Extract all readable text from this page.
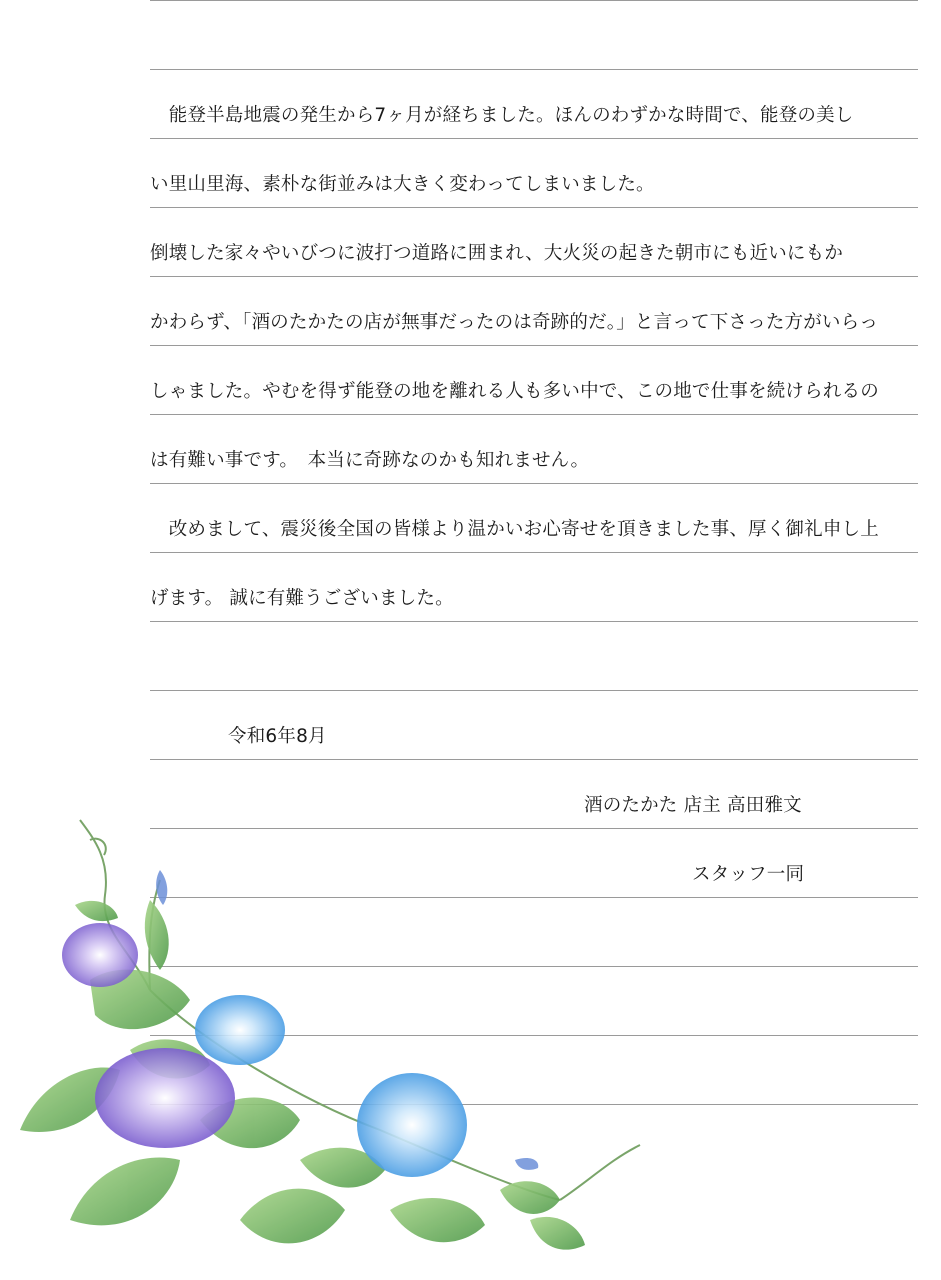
　能登半島地震の発生から7ヶ月が経ちました。ほんのわずかな時間で、能登の美し
い里山里海、素朴な街並みは大きく変わってしまいました。
倒壊した家々やいびつに波打つ道路に囲まれ、大火災の起きた朝市にも近いにもか
かわらず、「酒のたかたの店が無事だったのは奇跡的だ。」と言って下さった方がいらっ
しゃました。やむを得ず能登の地を離れる人も多い中で、この地で仕事を続けられるの
は有難い事です。　本当に奇跡なのかも知れません。
　改めまして、震災後全国の皆様より温かいお心寄せを頂きました事、厚く御礼申し上
げます。 誠に有難うございました。
令和6年8月
酒のたかた 店主 高田雅文
スタッフ一同
